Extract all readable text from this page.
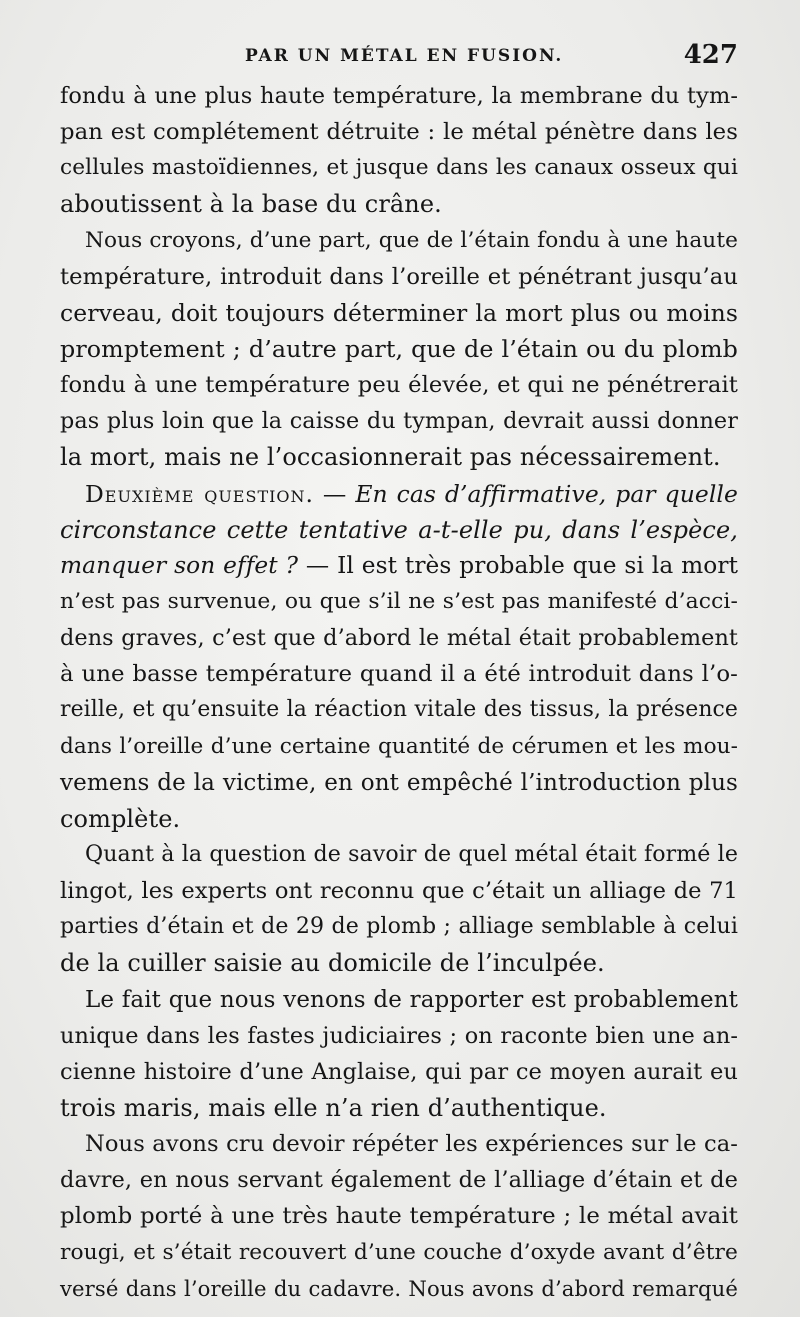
PAR UN MÉTAL EN FUSION.	427
fondu à une plus haute température, la membrane du tym-
pan est complétement détruite : le métal pénètre dans les
cellules mastoïdiennes, et jusque dans les canaux osseux qui
aboutissent à la base du crâne.
Nous croyons, d’une part, que de l’étain fondu à une haute
température, introduit dans l’oreille et pénétrant jusqu’au
cerveau, doit toujours déterminer la mort plus ou moins
promptement ; d’autre part, que de l’étain ou du plomb
fondu à une température peu élevée, et qui ne pénétrerait
pas plus loin que la caisse du tympan, devrait aussi donner
la mort, mais ne l’occasionnerait pas nécessairement.
Deuxième question. — En cas d’affirmative, par quelle
circonstance cette tentative a-t-elle pu, dans l’espèce,
manquer son effet ? — Il est très probable que si la mort
n’est pas survenue, ou que s’il ne s’est pas manifesté d’acci-
dens graves, c’est que d’abord le métal était probablement
à une basse température quand il a été introduit dans l’o-
reille, et qu’ensuite la réaction vitale des tissus, la présence
dans l’oreille d’une certaine quantité de cérumen et les mou-
vemens de la victime, en ont empêché l’introduction plus
complète.
Quant à la question de savoir de quel métal était formé le
lingot, les experts ont reconnu que c’était un alliage de 71
parties d’étain et de 29 de plomb ; alliage semblable à celui
de la cuiller saisie au domicile de l’inculpée.
Le fait que nous venons de rapporter est probablement
unique dans les fastes judiciaires ; on raconte bien une an-
cienne histoire d’une Anglaise, qui par ce moyen aurait eu
trois maris, mais elle n’a rien d’authentique.
Nous avons cru devoir répéter les expériences sur le ca-
davre, en nous servant également de l’alliage d’étain et de
plomb porté à une très haute température ; le métal avait
rougi, et s’était recouvert d’une couche d’oxyde avant d’être
versé dans l’oreille du cadavre. Nous avons d’abord remarqué
